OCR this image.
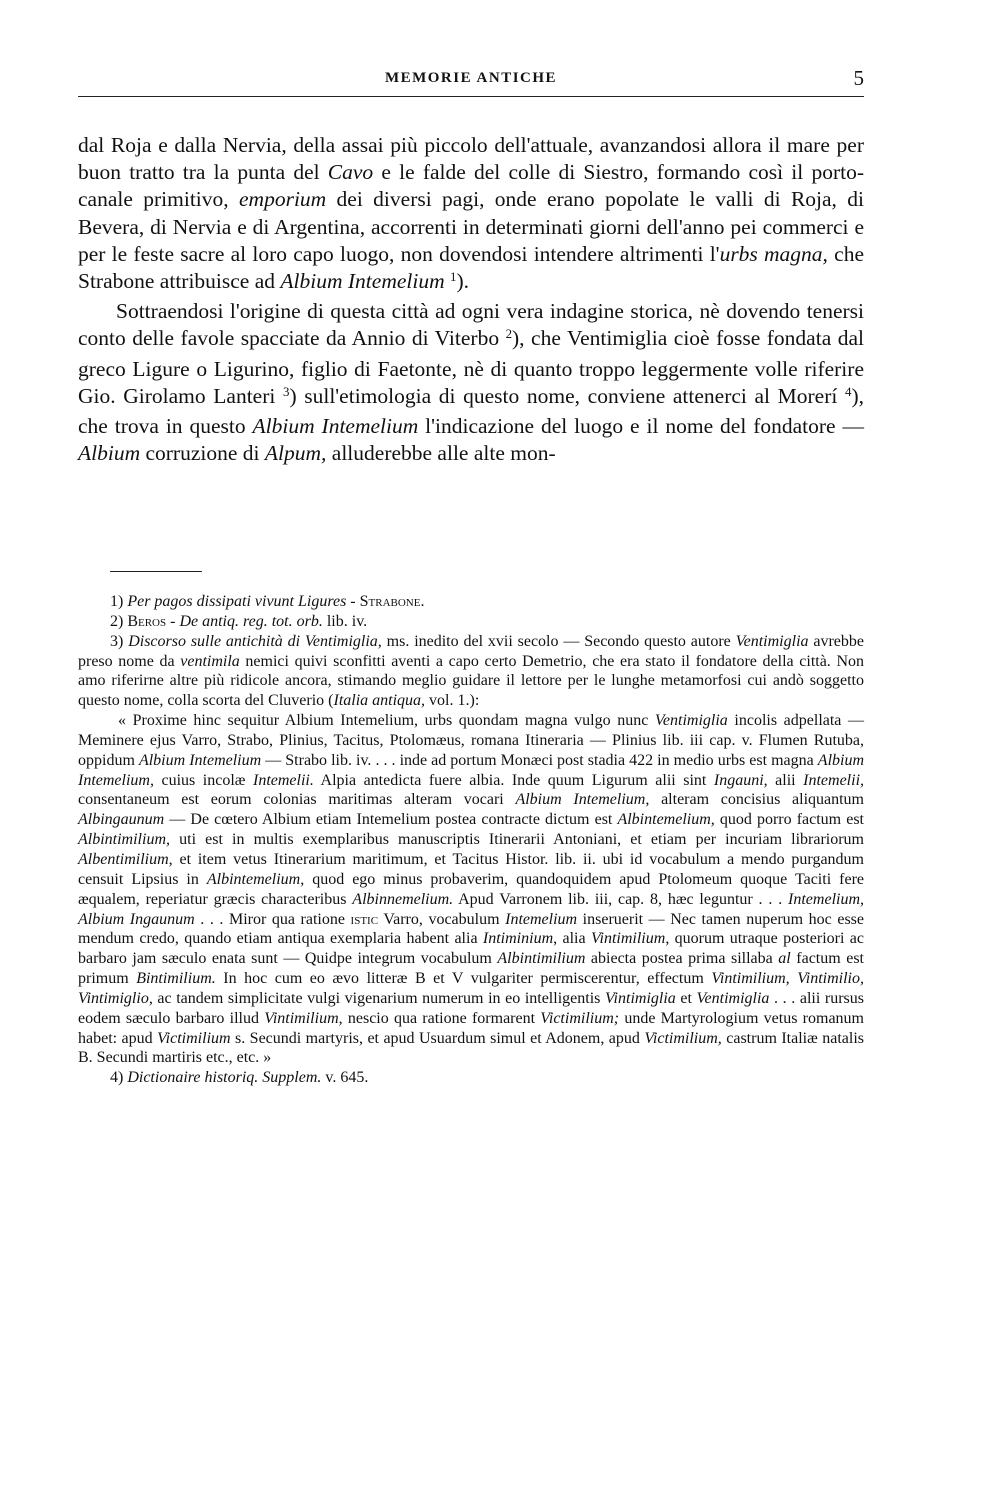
MEMORIE ANTICHE	5

dal Roja e dalla Nervia, della assai più piccolo dell'attuale, avanzandosi allora il mare per buon tratto tra la punta del Cavo e le falde del colle di Siestro, formando così il porto-canale primitivo, emporium dei diversi pagi, onde erano popolate le valli di Roja, di Bevera, di Nervia e di Argentina, accorrenti in determinati giorni dell'anno pei commerci e per le feste sacre al loro capo luogo, non dovendosi intendere altrimenti l'urbs magna, che Strabone attribuisce ad Albium Intemelium $^1$).

Sottraendosi l'origine di questa città ad ogni vera indagine storica, nè dovendo tenersi conto delle favole spacciate da Annio di Viterbo $^2$), che Ventimiglia cioè fosse fondata dal greco Ligure o Ligurino, figlio di Faetonte, nè di quanto troppo leggermente volle riferire Gio. Girolamo Lanteri $^3$) sull'etimologia di questo nome, conviene attenerci al Morerí $^4$), che trova in questo Albium Intemelium l'indicazione del luogo e il nome del fondatore — Albium corruzione di Alpum, alluderebbe alle alte mon-

1) Per pagos dissipati vivunt Ligures - Strabone.

2) Beros - De antiq. reg. tot. orb. lib. iv.

3) Discorso sulle antichità di Ventimiglia, ms. inedito del xvii secolo — Secondo questo autore Ventimiglia avrebbe preso nome da ventimila nemici quivi sconfitti aventi a capo certo Demetrio, che era stato il fondatore della città. Non amo riferirne altre più ridicole ancora, stimando meglio guidare il lettore per le lunghe metamorfosi cui andò soggetto questo nome, colla scorta del Cluverio (Italia antiqua, vol. 1.):

« Proxime hinc sequitur Albium Intemelium, urbs quondam magna vulgo nunc Ventimiglia incolis adpellata — Meminere ejus Varro, Strabo, Plinius, Tacitus, Ptolomæus, romana Itineraria — Plinius lib. iii cap. v. Flumen Rutuba, oppidum Albium Intemelium — Strabo lib. iv. . . . inde ad portum Monæci post stadia 422 in medio urbs est magna Albium Intemelium, cuius incolæ Intemelii. Alpia antedicta fuere albia. Inde quum Ligurum alii sint Ingauni, alii Intemelii, consentaneum est eorum colonias maritimas alteram vocari Albium Intemelium, alteram concisius aliquantum Albingaunum — De cœtero Albium etiam Intemelium postea contracte dictum est Albintemelium, quod porro factum est Albintimilium, uti est in multis exemplaribus manuscriptis Itinerarii Antoniani, et etiam per incuriam librariorum Albentimilium, et item vetus Itinerarium maritimum, et Tacitus Histor. lib. ii. ubi id vocabulum a mendo purgandum censuit Lipsius in Albintemelium, quod ego minus probaverim, quandoquidem apud Ptolomeum quoque Taciti fere æqualem, reperiatur græcis characteribus Albinnemelium. Apud Varronem lib. iii, cap. 8, hæc leguntur . . . Intemelium, Albium Ingaunum . . . Miror qua ratione istic Varro, vocabulum Intemelium inseruerit — Nec tamen nuperum hoc esse mendum credo, quando etiam antiqua exemplaria habent alia Intiminium, alia Vintimilium, quorum utraque posteriori ac barbaro jam sæculo enata sunt — Quidpe integrum vocabulum Albintimilium abiecta postea prima sillaba al factum est primum Bintimilium. In hoc cum eo ævo litteræ B et V vulgariter permiscerentur, effectum Vintimilium, Vintimilio, Vintimiglio, ac tandem simplicitate vulgi vigenarium numerum in eo intelligentis Vintimiglia et Ventimiglia . . . alii rursus eodem sæculo barbaro illud Vintimilium, nescio qua ratione formarent Victimilium; unde Martyrologium vetus romanum habet: apud Victimilium s. Secundi martyris, et apud Usuardum simul et Adonem, apud Victimilium, castrum Italiæ natalis B. Secundi martiris etc., etc. »

4) Dictionaire historiq. Supplem. v. 645.
